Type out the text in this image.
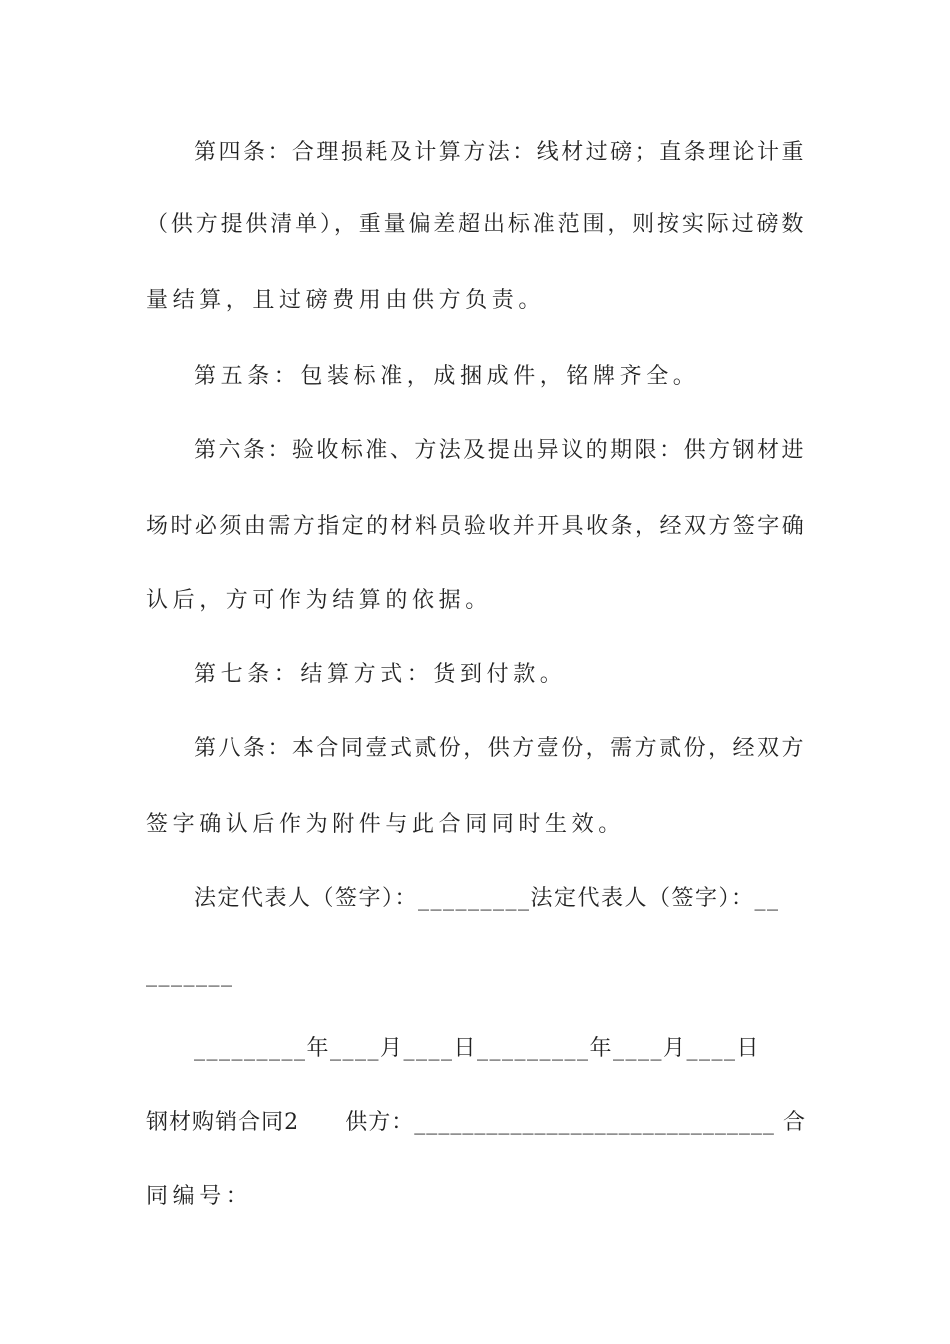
第四条：合理损耗及计算方法：线材过磅；直条理论计重
（供方提供清单），重量偏差超出标准范围，则按实际过磅数
量结算，且过磅费用由供方负责。
第五条：包装标准，成捆成件，铭牌齐全。
第六条：验收标准、方法及提出异议的期限：供方钢材进
场时必须由需方指定的材料员验收并开具收条，经双方签字确
认后，方可作为结算的依据。
第七条：结算方式：货到付款。
第八条：本合同壹式贰份，供方壹份，需方贰份，经双方
签字确认后作为附件与此合同同时生效。
法定代表人（签字）：_________法定代表人（签字）：__
_______
_________年____月____日_________年____月____日
钢材购销合同2　　供方：______________________________ 合
同编号：
